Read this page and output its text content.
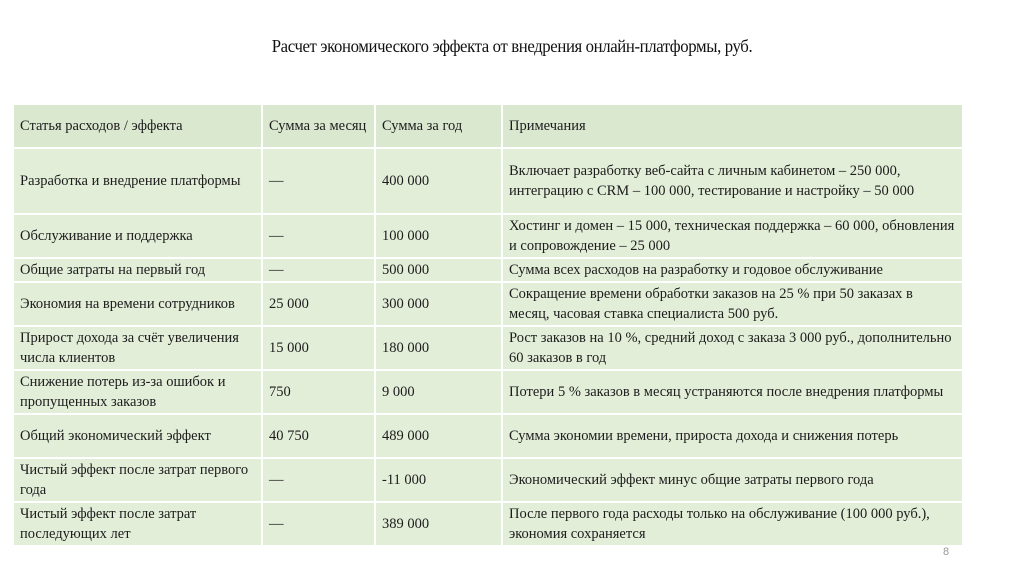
Расчет экономического эффекта от внедрения онлайн-платформы, руб.
Статья расходов / эффекта	Сумма за месяц	Сумма за год	Примечания
Разработка и внедрение платформы	—	400 000	Включает разработку веб-сайта с личным кабинетом – 250 000, интеграцию с CRM – 100 000, тестирование и настройку – 50 000
Обслуживание и поддержка	—	100 000	Хостинг и домен – 15 000, техническая поддержка – 60 000, обновления и сопровождение – 25 000
Общие затраты на первый год	—	500 000	Сумма всех расходов на разработку и годовое обслуживание
Экономия на времени сотрудников	25 000	300 000	Сокращение времени обработки заказов на 25 % при 50 заказах в месяц, часовая ставка специалиста 500 руб.
Прирост дохода за счёт увеличения числа клиентов	15 000	180 000	Рост заказов на 10 %, средний доход с заказа 3 000 руб., дополнительно 60 заказов в год
Снижение потерь из-за ошибок и пропущенных заказов	750	9 000	Потери 5 % заказов в месяц устраняются после внедрения платформы
Общий экономический эффект	40 750	489 000	Сумма экономии времени, прироста дохода и снижения потерь
Чистый эффект после затрат первого года	—	-11 000	Экономический эффект минус общие затраты первого года
Чистый эффект после затрат последующих лет	—	389 000	После первого года расходы только на обслуживание (100 000 руб.), экономия сохраняется
8
